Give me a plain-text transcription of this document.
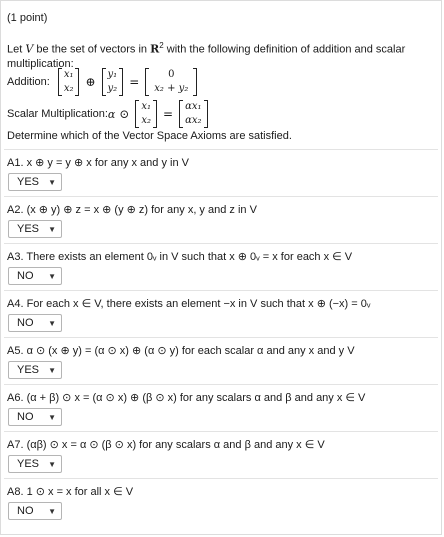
(1 point)
Let V be the set of vectors in $R^2$ with the following definition of addition and scalar multiplication:
Addition:
x₁
x₂ ⊕
y₁
y₂ =
0
x₂ + y₂
Scalar Multiplication: α ⊙
x₁
x₂ =
αx₁
αx₂
Determine which of the Vector Space Axioms are satisfied.
A1. x ⊕ y = y ⊕ x for any x and y in V
YES ▼
A2. (x ⊕ y) ⊕ z = x ⊕ (y ⊕ z) for any x, y and z in V
YES ▼
A3. There exists an element 0ᵥ in V such that x ⊕ 0ᵥ = x for each x ∈ V
NO ▼
A4. For each x ∈ V, there exists an element −x in V such that x ⊕ (−x) = 0ᵥ
NO ▼
A5. α ⊙ (x ⊕ y) = (α ⊙ x) ⊕ (α ⊙ y) for each scalar α and any x and y V
YES ▼
A6. (α + β) ⊙ x = (α ⊙ x) ⊕ (β ⊙ x) for any scalars α and β and any x ∈ V
NO ▼
A7. (αβ) ⊙ x = α ⊙ (β ⊙ x) for any scalars α and β and any x ∈ V
YES ▼
A8. 1 ⊙ x = x for all x ∈ V
NO ▼
